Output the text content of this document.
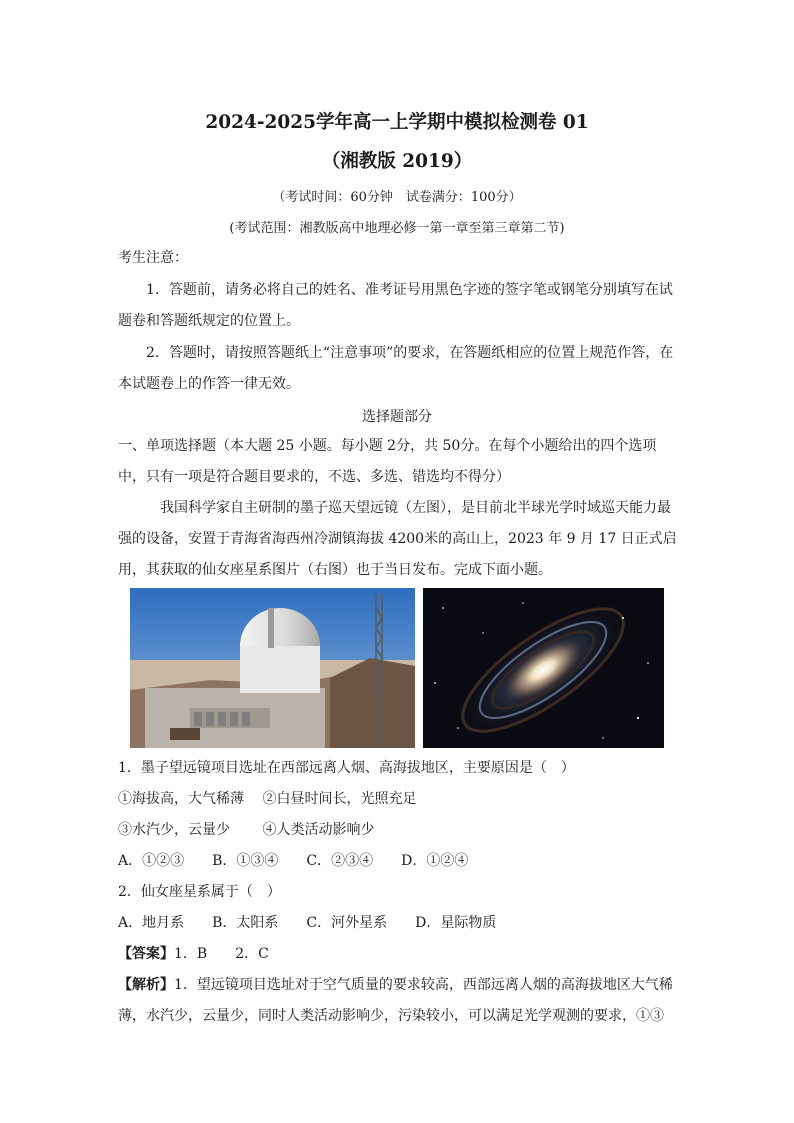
2024-2025学年高一上学期中模拟检测卷 01
（湘教版 2019）
（考试时间：60分钟　试卷满分：100分）
(考试范围：湘教版高中地理必修一第一章至第三章第二节)
考生注意：
1．答题前，请务必将自己的姓名、准考证号用黑色字迹的签字笔或钢笔分别填写在试
题卷和答题纸规定的位置上。
2．答题时，请按照答题纸上“注意事项”的要求，在答题纸相应的位置上规范作答，在
本试题卷上的作答一律无效。
选择题部分
一、单项选择题（本大题 25 小题。每小题 2分，共 50分。在每个小题给出的四个选项
中，只有一项是符合题目要求的，不选、多选、错选均不得分）
我国科学家自主研制的墨子巡天望远镜（左图），是目前北半球光学时域巡天能力最
强的设备，安置于青海省海西州冷湖镇海拔 4200米的高山上，2023 年 9 月 17 日正式启
用，其获取的仙女座星系图片（右图）也于当日发布。完成下面小题。
1．墨子望远镜项目选址在西部远离人烟、高海拔地区，主要原因是（　）
①海拔高，大气稀薄　 ②白昼时间长，光照充足
③水汽少，云量少　　 ④人类活动影响少
A．①②③　　B．①③④　　C．②③④　　D．①②④
2．仙女座星系属于（　）
A．地月系　　B．太阳系　　C．河外星系　　D．星际物质
【答案】1．B　　2．C
【解析】1．望远镜项目选址对于空气质量的要求较高，西部远离人烟的高海拔地区大气稀
薄，水汽少，云量少，同时人类活动影响少，污染较小，可以满足光学观测的要求，①③
